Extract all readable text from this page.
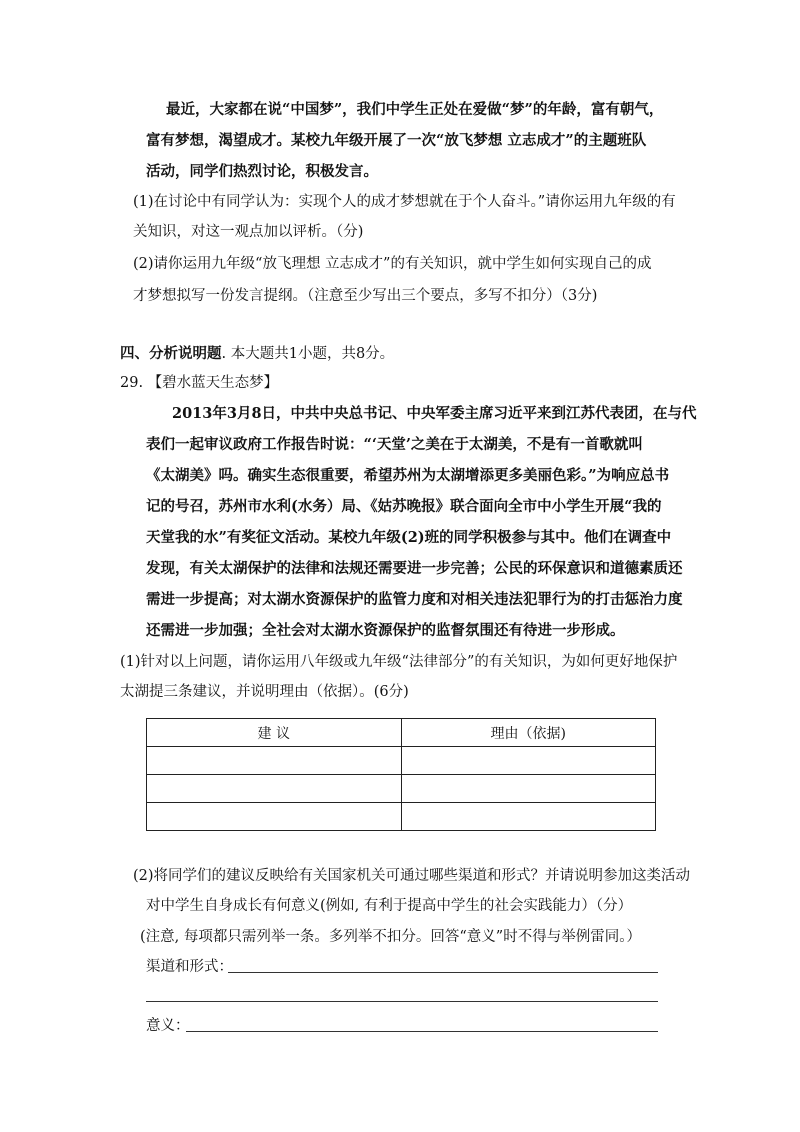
最近，大家都在说“中国梦”，我们中学生正处在爱做“梦”的年龄，富有朝气，
富有梦想，渴望成才。某校九年级开展了一次“放飞梦想 立志成才”的主题班队
活动，同学们热烈讨论，积极发言。
(1)在讨论中有同学认为：实现个人的成才梦想就在于个人奋斗。”请你运用九年级的有
关知识，对这一观点加以评析。（分)
(2)请你运用九年级“放飞理想 立志成才”的有关知识，就中学生如何实现自己的成
才梦想拟写一份发言提纲。（注意至少写出三个要点，多写不扣分）（3分)
四、分析说明题. 本大题共1小题，共8分。
29. 【碧水蓝天生态梦】
2013年3月8日，中共中央总书记、中央军委主席习近平来到江苏代表团，在与代
表们一起审议政府工作报告时说：“‘天堂’之美在于太湖美，不是有一首歌就叫
《太湖美》吗。确实生态很重要，希望苏州为太湖增添更多美丽色彩。”为响应总书
记的号召，苏州市水利(水务）局、《姑苏晚报》联合面向全市中小学生开展“我的
天堂我的水”有奖征文活动。某校九年级(2)班的同学积极参与其中。他们在调查中
发现，有关太湖保护的法律和法规还需要进一步完善；公民的环保意识和道德素质还
需进一步提高；对太湖水资源保护的监管力度和对相关违法犯罪行为的打击惩治力度
还需进一步加强；全社会对太湖水资源保护的监督氛围还有待进一步形成。
(1)针对以上问题，请你运用八年级或九年级“法律部分”的有关知识，为如何更好地保护
太湖提三条建议，并说明理由（依据）。(6分)
建 议	理由（依据)

(2)将同学们的建议反映给有关国家机关可通过哪些渠道和形式？并请说明参加这类活动
对中学生自身成长有何意义(例如, 有利于提高中学生的社会实践能力）（分）
(注意, 每项都只需列举一条。多列举不扣分。回答“意义”时不得与举例雷同。）
渠道和形式：
意义：
